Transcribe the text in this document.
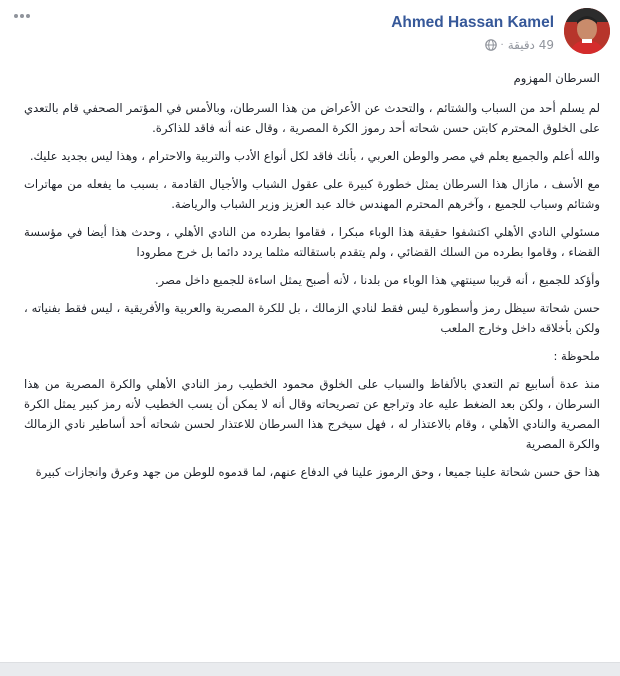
Ahmed Hassan Kamel
49 دقيقة
·

السرطان المهزوم

لم يسلم أحد من السباب والشتائم ، والتحدث عن الأعراض من هذا السرطان، وبالأمس في المؤتمر الصحفي قام بالتعدي على الخلوق المحترم كابتن حسن شحاته أحد رموز الكرة المصرية ، وقال عنه أنه فاقد للذاكرة.

والله أعلم والجميع يعلم في مصر والوطن العربي ، بأنك فاقد لكل أنواع الأدب والتربية والاحترام ، وهذا ليس بجديد عليك.

مع الأسف ، مازال هذا السرطان يمثل خطورة كبيرة على عقول الشباب والأجيال القادمة ، بسبب ما يفعله من مهاترات وشتائم وسباب للجميع ، وآخرهم المحترم المهندس خالد عبد العزيز وزير الشباب والرياضة.

مسئولي النادي الأهلي اكتشفوا حقيقة هذا الوباء مبكرا ، فقاموا بطرده من النادي الأهلي ، وحدث هذا أيضا في مؤسسة القضاء ، وقاموا بطرده من السلك القضائي ، ولم يتقدم باستقالته مثلما يردد دائما بل خرج مطرودا

وأؤكد للجميع ، أنه قريبا سينتهي هذا الوباء من بلدنا ، لأنه أصبح يمثل اساءة للجميع داخل مصر.

حسن شحاتة سيظل رمز وأسطورة ليس فقط لنادي الزمالك ، بل للكرة المصرية والعربية والأفريقية ، ليس فقط بفنياته ، ولكن بأخلاقه داخل وخارج الملعب

ملحوظة :

منذ عدة أسابيع تم التعدي بالألفاظ والسباب على الخلوق محمود الخطيب رمز النادي الأهلي والكرة المصرية من هذا السرطان ، ولكن بعد الضغط عليه عاد وتراجع عن تصريحاته وقال أنه لا يمكن أن يسب الخطيب لأنه رمز كبير يمثل الكرة المصرية والنادي الأهلي ، وقام بالاعتذار له ، فهل سيخرج هذا السرطان للاعتذار لحسن شحاته أحد أساطير نادي الزمالك والكرة المصرية

هذا حق حسن شحاتة علينا جميعا ، وحق الرموز علينا في الدفاع عنهم، لما قدموه للوطن من جهد وعرق وانجازات كبيرة
